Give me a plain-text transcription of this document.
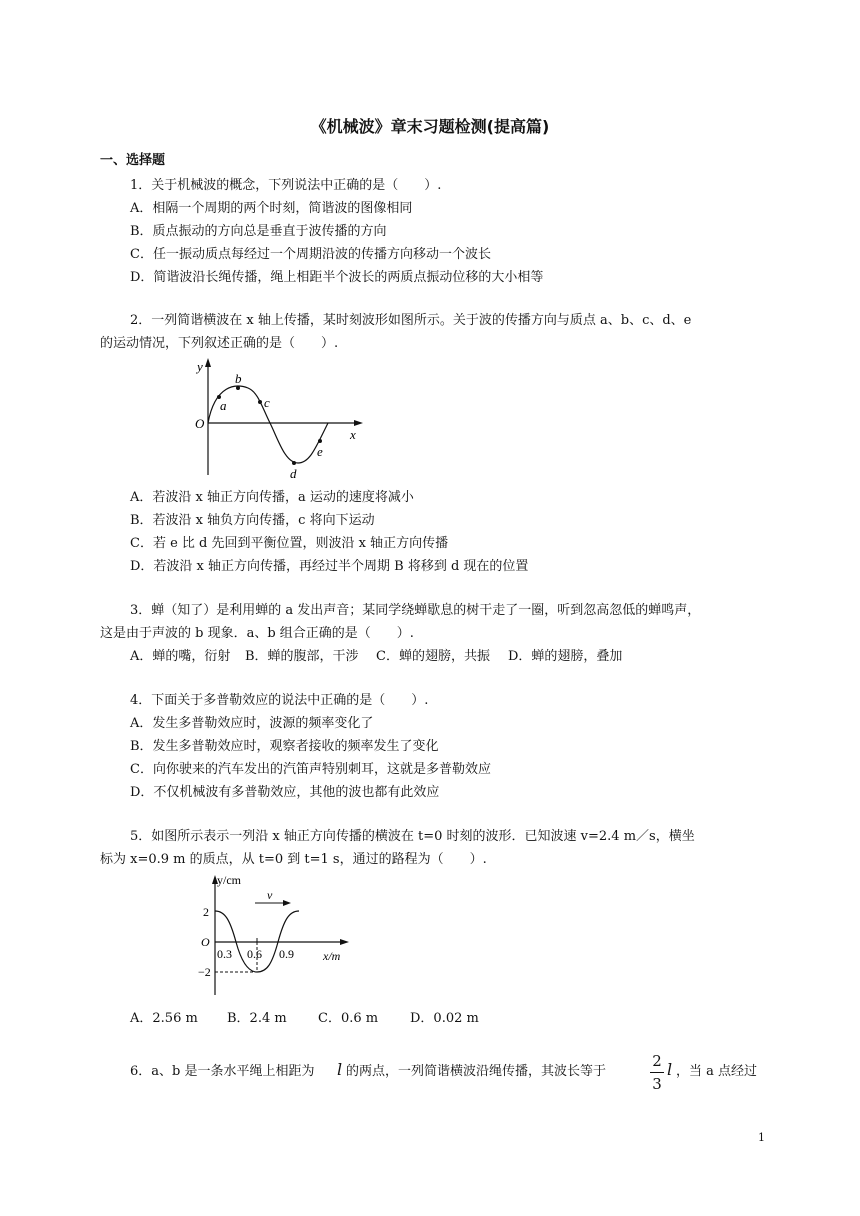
《机械波》章末习题检测(提高篇)
一、选择题
1．关于机械波的概念，下列说法中正确的是（　　）.
A．相隔一个周期的两个时刻，简谐波的图像相同
B．质点振动的方向总是垂直于波传播的方向
C．任一振动质点每经过一个周期沿波的传播方向移动一个波长
D．简谐波沿长绳传播，绳上相距半个波长的两质点振动位移的大小相等
2．一列简谐横波在 x 轴上传播，某时刻波形如图所示。关于波的传播方向与质点 a、b、c、d、e
的运动情况，下列叙述正确的是（　　）.
y
x
O
a
b
c
d
e
A．若波沿 x 轴正方向传播，a 运动的速度将减小
B．若波沿 x 轴负方向传播，c 将向下运动
C．若 e 比 d 先回到平衡位置，则波沿 x 轴正方向传播
D．若波沿 x 轴正方向传播，再经过半个周期 B 将移到 d 现在的位置
3．蝉（知了）是利用蝉的 a 发出声音；某同学绕蝉歇息的树干走了一圈，听到忽高忽低的蝉鸣声，
这是由于声波的 b 现象．a、b 组合正确的是（　　）.
A．蝉的嘴，衍射 B．蝉的腹部，干涉 C．蝉的翅膀，共振 D．蝉的翅膀，叠加
4．下面关于多普勒效应的说法中正确的是（　　）.
A．发生多普勒效应时，波源的频率变化了
B．发生多普勒效应时，观察者接收的频率发生了变化
C．向你驶来的汽车发出的汽笛声特别刺耳，这就是多普勒效应
D．不仅机械波有多普勒效应，其他的波也都有此效应
5．如图所示表示一列沿 x 轴正方向传播的横波在 t=0 时刻的波形．已知波速 v=2.4 m／s，横坐
标为 x=0.9 m 的质点，从 t=0 到 t=1 s，通过的路程为（　　）.
y/cm
x/m
O
2
−2
0.3 0.6 0.9
v
A．2.56 m B．2.4 m C．0.6 m D．0.02 m
6．a、b 是一条水平绳上相距为 l 的两点，一列简谐横波沿绳传播，其波长等于
2
3
l ，当 a 点经过
1
